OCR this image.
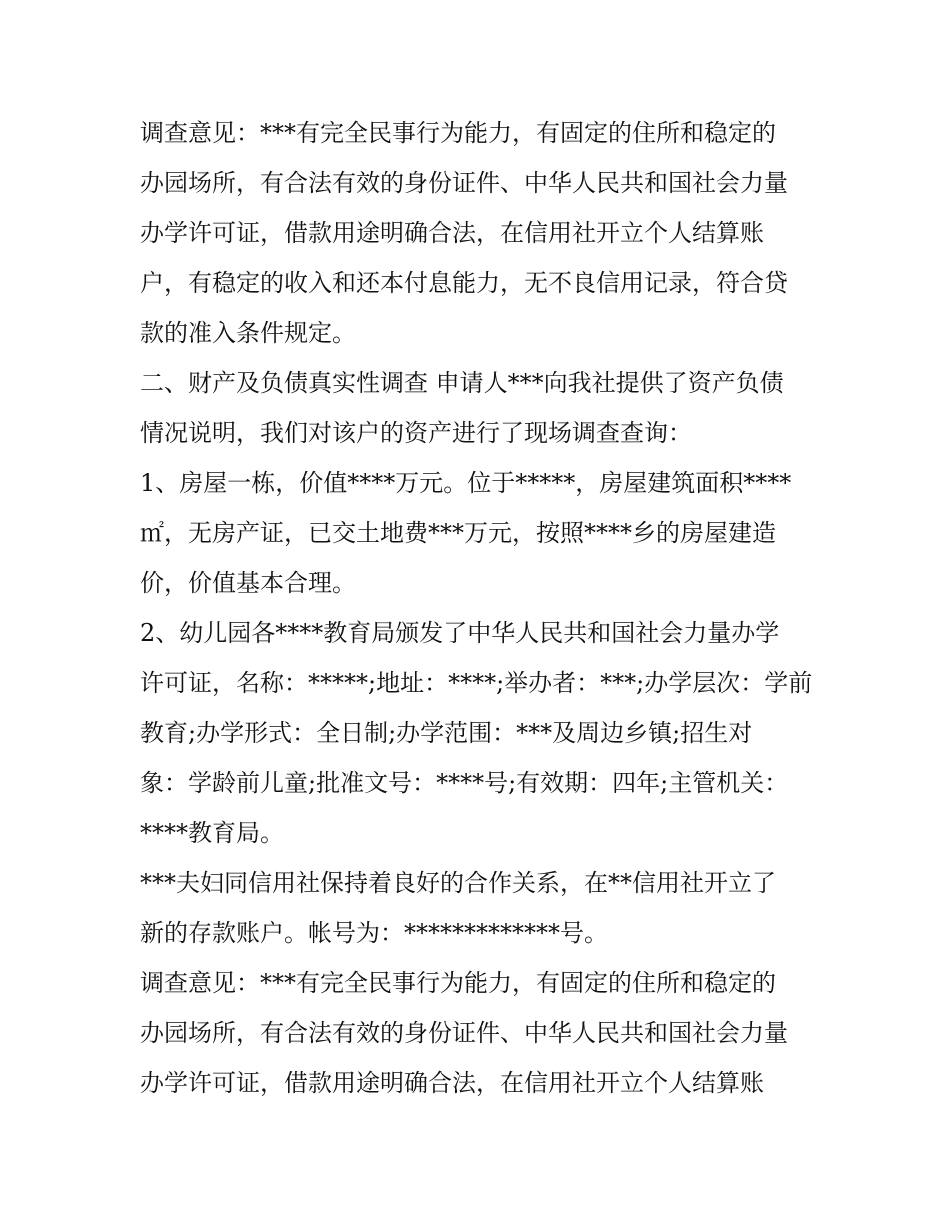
调查意见：***有完全民事行为能力，有固定的住所和稳定的
办园场所，有合法有效的身份证件、中华人民共和国社会力量
办学许可证，借款用途明确合法，在信用社开立个人结算账
户，有稳定的收入和还本付息能力，无不良信用记录，符合贷
款的准入条件规定。
二、财产及负债真实性调查 申请人***向我社提供了资产负债
情况说明，我们对该户的资产进行了现场调查查询：
1、房屋一栋，价值****万元。位于*****，房屋建筑面积****
㎡，无房产证，已交土地费***万元，按照****乡的房屋建造
价，价值基本合理。
2、幼儿园各****教育局颁发了中华人民共和国社会力量办学
许可证，名称：*****;地址：****;举办者：***;办学层次：学前
教育;办学形式：全日制;办学范围：***及周边乡镇;招生对
象：学龄前儿童;批准文号：****号;有效期：四年;主管机关：
****教育局。
***夫妇同信用社保持着良好的合作关系，在**信用社开立了
新的存款账户。帐号为：*************号。
调查意见：***有完全民事行为能力，有固定的住所和稳定的
办园场所，有合法有效的身份证件、中华人民共和国社会力量
办学许可证，借款用途明确合法，在信用社开立个人结算账
